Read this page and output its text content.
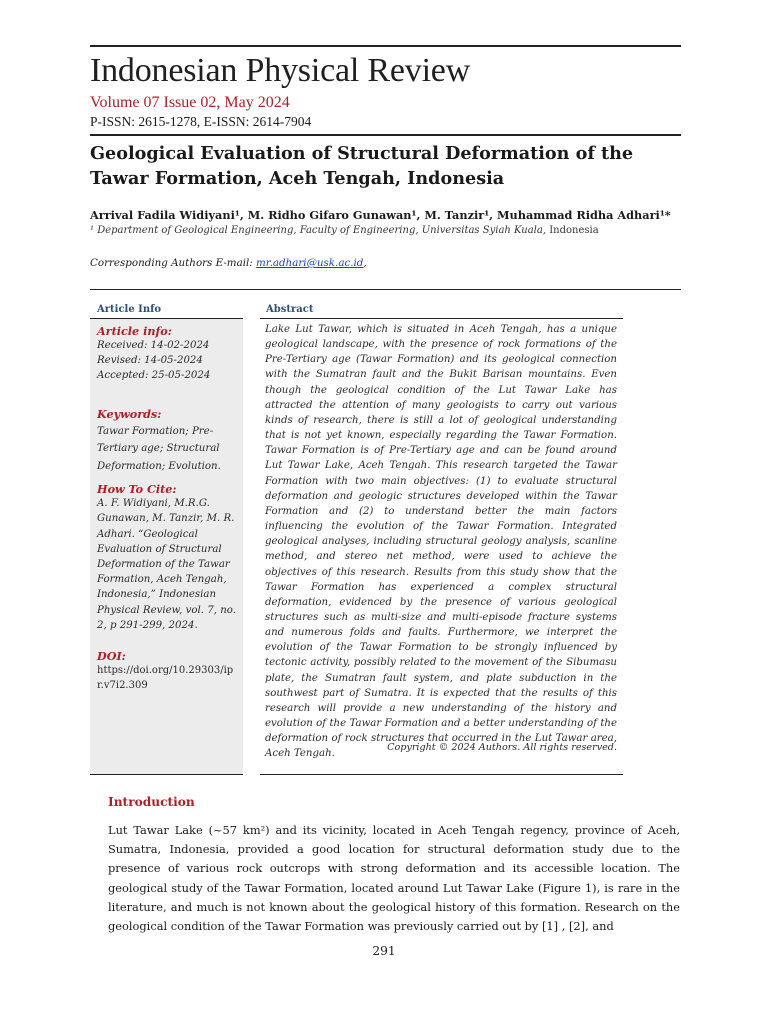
Indonesian Physical Review
Volume 07 Issue 02, May 2024
P-ISSN: 2615-1278, E-ISSN: 2614-7904
Geological Evaluation of Structural Deformation of the Tawar Formation, Aceh Tengah, Indonesia
Arrival Fadila Widiyani¹, M. Ridho Gifaro Gunawan¹, M. Tanzir¹, Muhammad Ridha Adhari¹*
¹ Department of Geological Engineering, Faculty of Engineering, Universitas Syiah Kuala, Indonesia
Corresponding Authors E-mail: mr.adhari@usk.ac.id,
Article Info	Abstract
Article info:
Received: 14-02-2024
Revised: 14-05-2024
Accepted: 25-05-2024
Keywords:
Tawar Formation; Pre-Tertiary age; Structural Deformation; Evolution.
How To Cite:
A. F. Widiyani, M.R.G. Gunawan, M. Tanzir, M. R. Adhari. “Geological Evaluation of Structural Deformation of the Tawar Formation, Aceh Tengah, Indonesia,” Indonesian Physical Review, vol. 7, no. 2, p 291-299, 2024.
DOI:
https://doi.org/10.29303/ip r.v7i2.309
Lake Lut Tawar, which is situated in Aceh Tengah, has a unique geological landscape, with the presence of rock formations of the Pre-Tertiary age (Tawar Formation) and its geological connection with the Sumatran fault and the Bukit Barisan mountains. Even though the geological condition of the Lut Tawar Lake has attracted the attention of many geologists to carry out various kinds of research, there is still a lot of geological understanding that is not yet known, especially regarding the Tawar Formation. Tawar Formation is of Pre-Tertiary age and can be found around Lut Tawar Lake, Aceh Tengah. This research targeted the Tawar Formation with two main objectives: (1) to evaluate structural deformation and geologic structures developed within the Tawar Formation and (2) to understand better the main factors influencing the evolution of the Tawar Formation. Integrated geological analyses, including structural geology analysis, scanline method, and stereo net method, were used to achieve the objectives of this research. Results from this study show that the Tawar Formation has experienced a complex structural deformation, evidenced by the presence of various geological structures such as multi-size and multi-episode fracture systems and numerous folds and faults. Furthermore, we interpret the evolution of the Tawar Formation to be strongly influenced by tectonic activity, possibly related to the movement of the Sibumasu plate, the Sumatran fault system, and plate subduction in the southwest part of Sumatra. It is expected that the results of this research will provide a new understanding of the history and evolution of the Tawar Formation and a better understanding of the deformation of rock structures that occurred in the Lut Tawar area, Aceh Tengah.
Copyright © 2024 Authors. All rights reserved.
Introduction
Lut Tawar Lake (~57 km²) and its vicinity, located in Aceh Tengah regency, province of Aceh, Sumatra, Indonesia, provided a good location for structural deformation study due to the presence of various rock outcrops with strong deformation and its accessible location. The geological study of the Tawar Formation, located around Lut Tawar Lake (Figure 1), is rare in the literature, and much is not known about the geological history of this formation. Research on the geological condition of the Tawar Formation was previously carried out by [1] , [2], and
291
